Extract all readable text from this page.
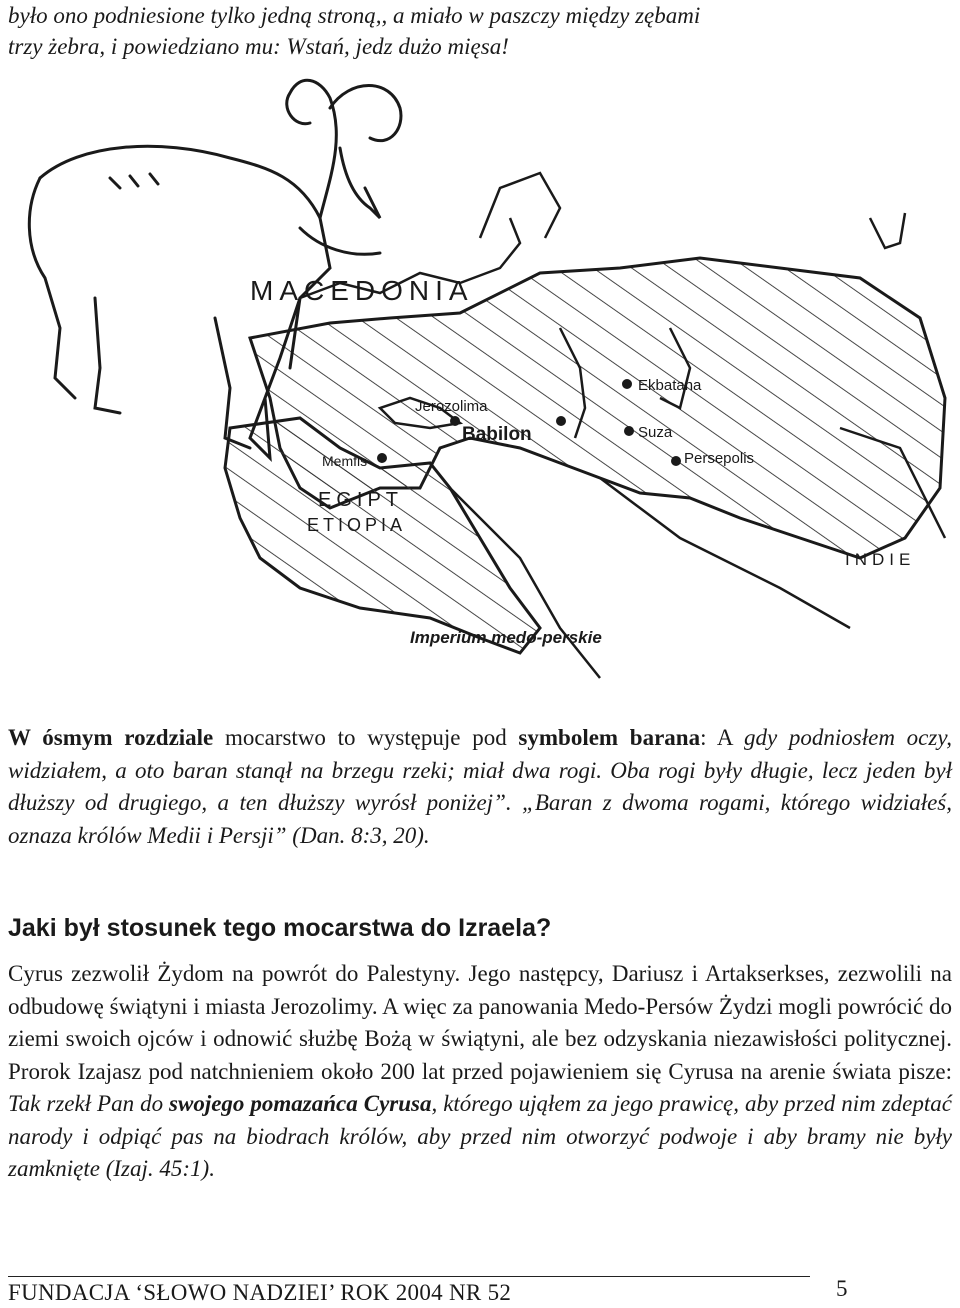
było ono podniesione tylko jedną stroną,, a miało w paszczy między zębami
trzy żebra, i powiedziano mu: Wstań, jedz dużo mięsa!
MACEDONIA
Ekbatana
Jerozolima
Babilon	Suza
Persepolis
Memfis
EGIPT
ETIOPIA
INDIE
Imperium medo-perskie
W ósmym rozdziale mocarstwo to występuje pod symbolem barana: A gdy podniosłem oczy, widziałem, a oto baran stanął na brzegu rzeki; miał dwa rogi. Oba rogi były długie, lecz jeden był dłuższy od drugiego, a ten dłuższy wyrósł poniżej”. „Baran z dwoma rogami, którego widziałeś, oznaza królów Medii i Persji” (Dan. 8:3, 20).
Jaki był stosunek tego mocarstwa do Izraela?
Cyrus zezwolił Żydom na powrót do Palestyny. Jego następcy, Dariusz i Artakserkses, zezwolili na odbudowę świątyni i miasta Jerozolimy. A więc za panowania Medo-Persów Żydzi mogli powrócić do ziemi swoich ojców i odnowić służbę Bożą w świątyni, ale bez odzyskania niezawisłości politycznej. Prorok Izajasz pod natchnieniem około 200 lat przed pojawieniem się Cyrusa na arenie świata pisze: Tak rzekł Pan do swojego pomazańca Cyrusa, którego ująłem za jego prawicę, aby przed nim zdeptać narody i odpiąć pas na biodrach królów, aby przed nim otworzyć podwoje i aby bramy nie były zamknięte (Izaj. 45:1).
FUNDACJA ‘SŁOWO NADZIEI’ ROK 2004 NR 52	5
